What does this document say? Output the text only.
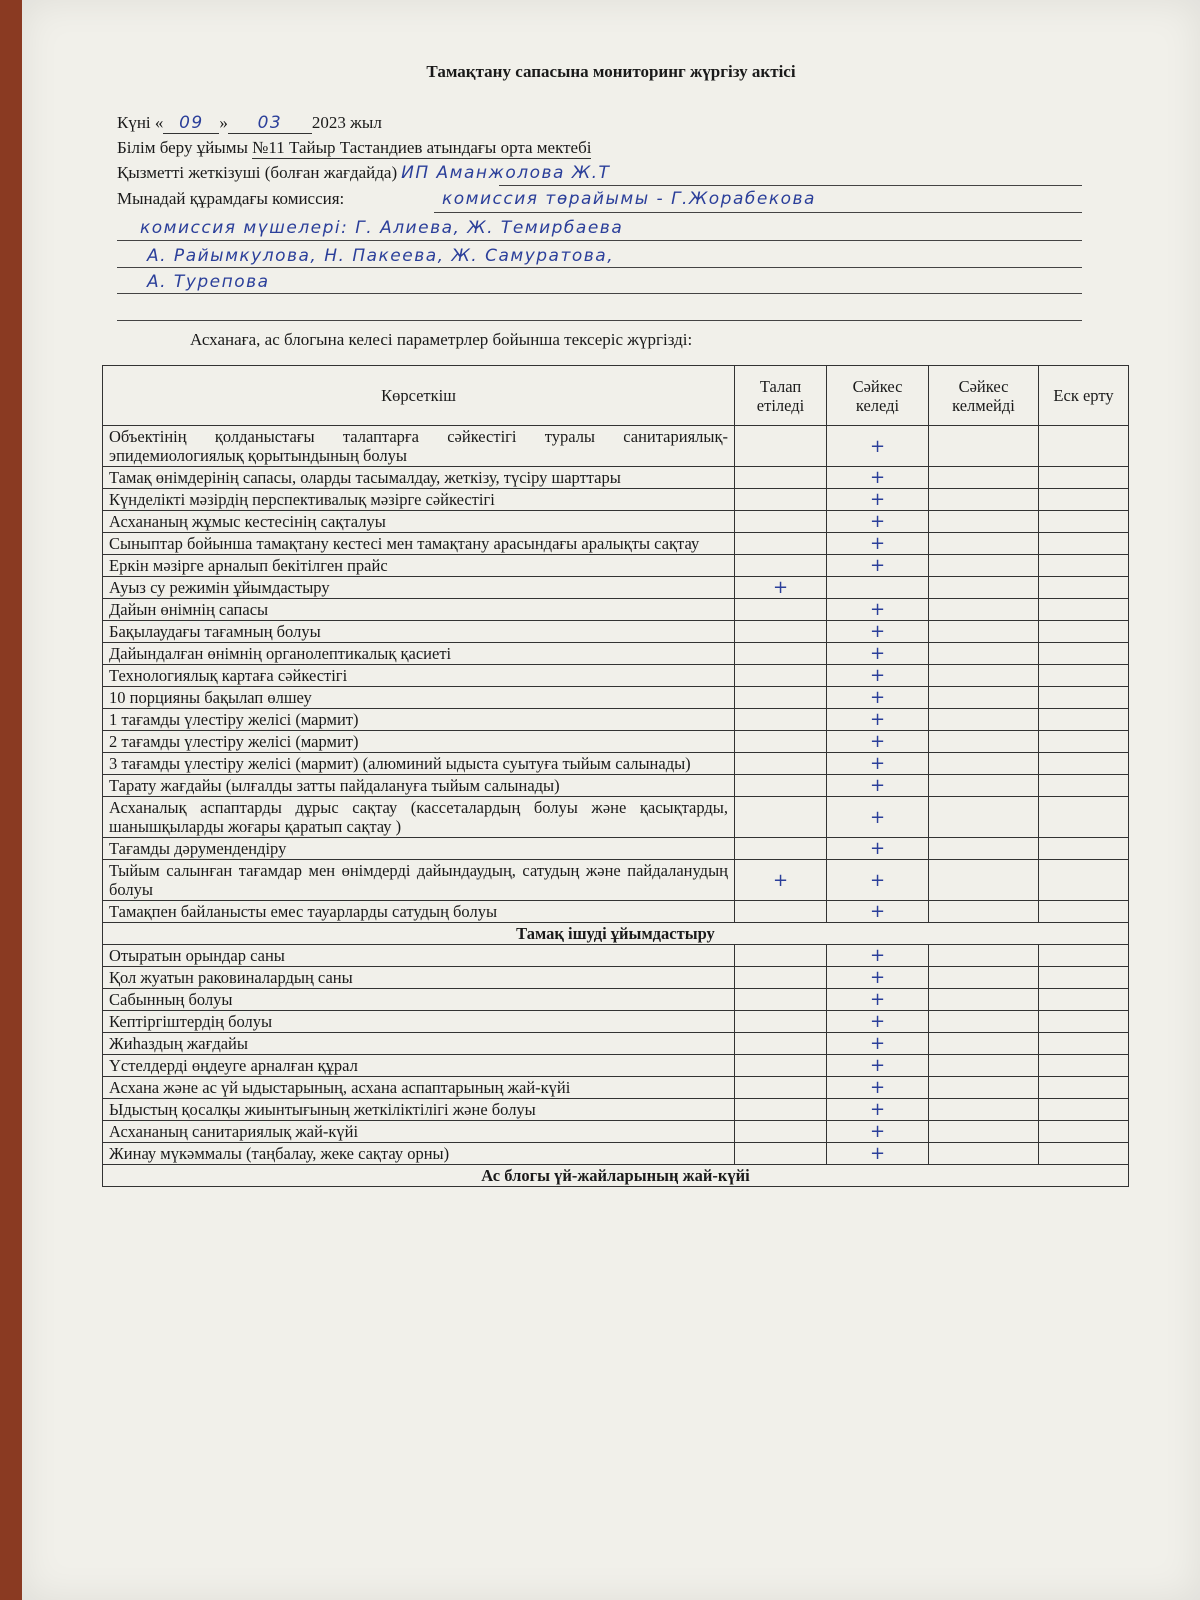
Тамақтану сапасына мониторинг жүргізу актісі
Күні « 09 » 03 2023 жыл
Білім беру ұйымы №11 Тайыр Тастандиев атындағы орта мектебі
Қызметті жеткізуші (болған жағдайда) ИП Аманжолова Ж.Т
Мынадай құрамдағы комиссия:	комиссия төрайымы - Г.Жорабекова
комиссия мүшелері: Г. Алиева, Ж. Темирбаева
А. Райымкулова, Н. Пакеева, Ж. Самуратова,
А. Турепова
Асханаға, ас блогына келесі параметрлер бойынша тексеріс жүргізді:
Көрсеткіш	Талап етіледі	Сәйкес келеді	Сәйкес келмейді	Еск ерту
Объектінің қолданыстағы талаптарға сәйкестігі туралы санитариялық-эпидемиологиялық қорытындының болуы		+		
Тамақ өнімдерінің сапасы, оларды тасымалдау, жеткізу, түсіру шарттары		+		
Күнделікті мәзірдің перспективалық мәзірге сәйкестігі		+		
Асхананың жұмыс кестесінің сақталуы		+		
Сыныптар бойынша тамақтану кестесі мен тамақтану арасындағы аралықты сақтау		+		
Еркін мәзірге арналып бекітілген прайс		+		
Ауыз су режимін ұйымдастыру	+			
Дайын өнімнің сапасы		+		
Бақылаудағы тағамның болуы		+		
Дайындалған өнімнің органолептикалық қасиеті		+		
Технологиялық картаға сәйкестігі		+		
10 порцияны бақылап өлшеу		+		
1 тағамды үлестіру желісі (мармит)		+		
2 тағамды үлестіру желісі (мармит)		+		
3 тағамды үлестіру желісі (мармит) (алюминий ыдыста суытуға тыйым салынады)		+		
Тарату жағдайы (ылғалды затты пайдалануға тыйым салынады)		+		
Асханалық аспаптарды дұрыс сақтау (кассеталардың болуы және қасықтарды, шанышқыларды жоғары қаратып сақтау )		+		
Тағамды дәрумендендіру		+		
Тыйым салынған тағамдар мен өнімдерді дайындаудың, сатудың және пайдаланудың болуы	+	+		
Тамақпен байланысты емес тауарларды сатудың болуы		+		
Тамақ ішуді ұйымдастыру				
Отыратын орындар саны		+		
Қол жуатын раковиналардың саны		+		
Сабынның болуы		+		
Кептіргіштердің болуы		+		
Жиһаздың жағдайы		+		
Үстелдерді өңдеуге арналған құрал		+		
Асхана және ас үй ыдыстарының, асхана аспаптарының жай-күйі		+		
Ыдыстың қосалқы жиынтығының жеткіліктілігі және болуы		+		
Асхананың санитариялық жай-күйі		+		
Жинау мүкәммалы (таңбалау, жеке сақтау орны)		+		
Ас блогы үй-жайларының жай-күйі				
